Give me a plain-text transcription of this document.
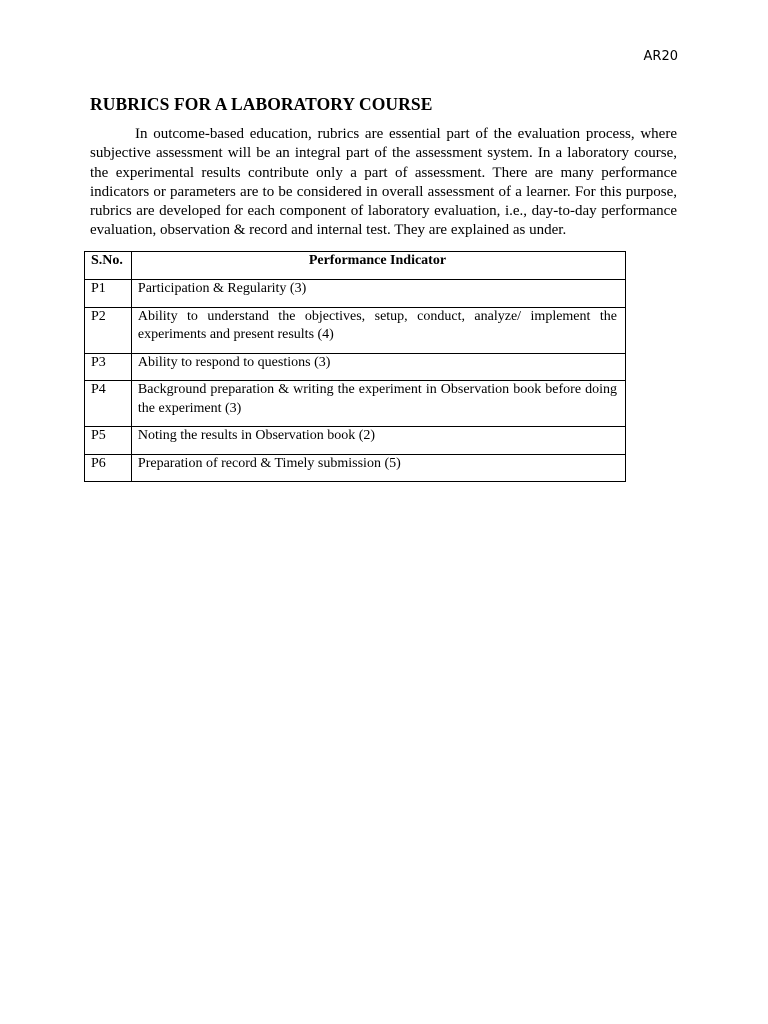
AR20
RUBRICS FOR A LABORATORY COURSE

In outcome-based education, rubrics are essential part of the evaluation process, where subjective assessment will be an integral part of the assessment system. In a laboratory course, the experimental results contribute only a part of assessment. There are many performance indicators or parameters are to be considered in overall assessment of a learner. For this purpose, rubrics are developed for each component of laboratory evaluation, i.e., day-to-day performance evaluation, observation & record and internal test. They are explained as under.

S.No.	Performance Indicator
P1	Participation & Regularity (3)
P2	Ability to understand the objectives, setup, conduct, analyze/ implement the experiments and present results (4)
P3	Ability to respond to questions (3)
P4	Background preparation & writing the experiment in Observation book before doing the experiment (3)
P5	Noting the results in Observation book (2)
P6	Preparation of record & Timely submission (5)
